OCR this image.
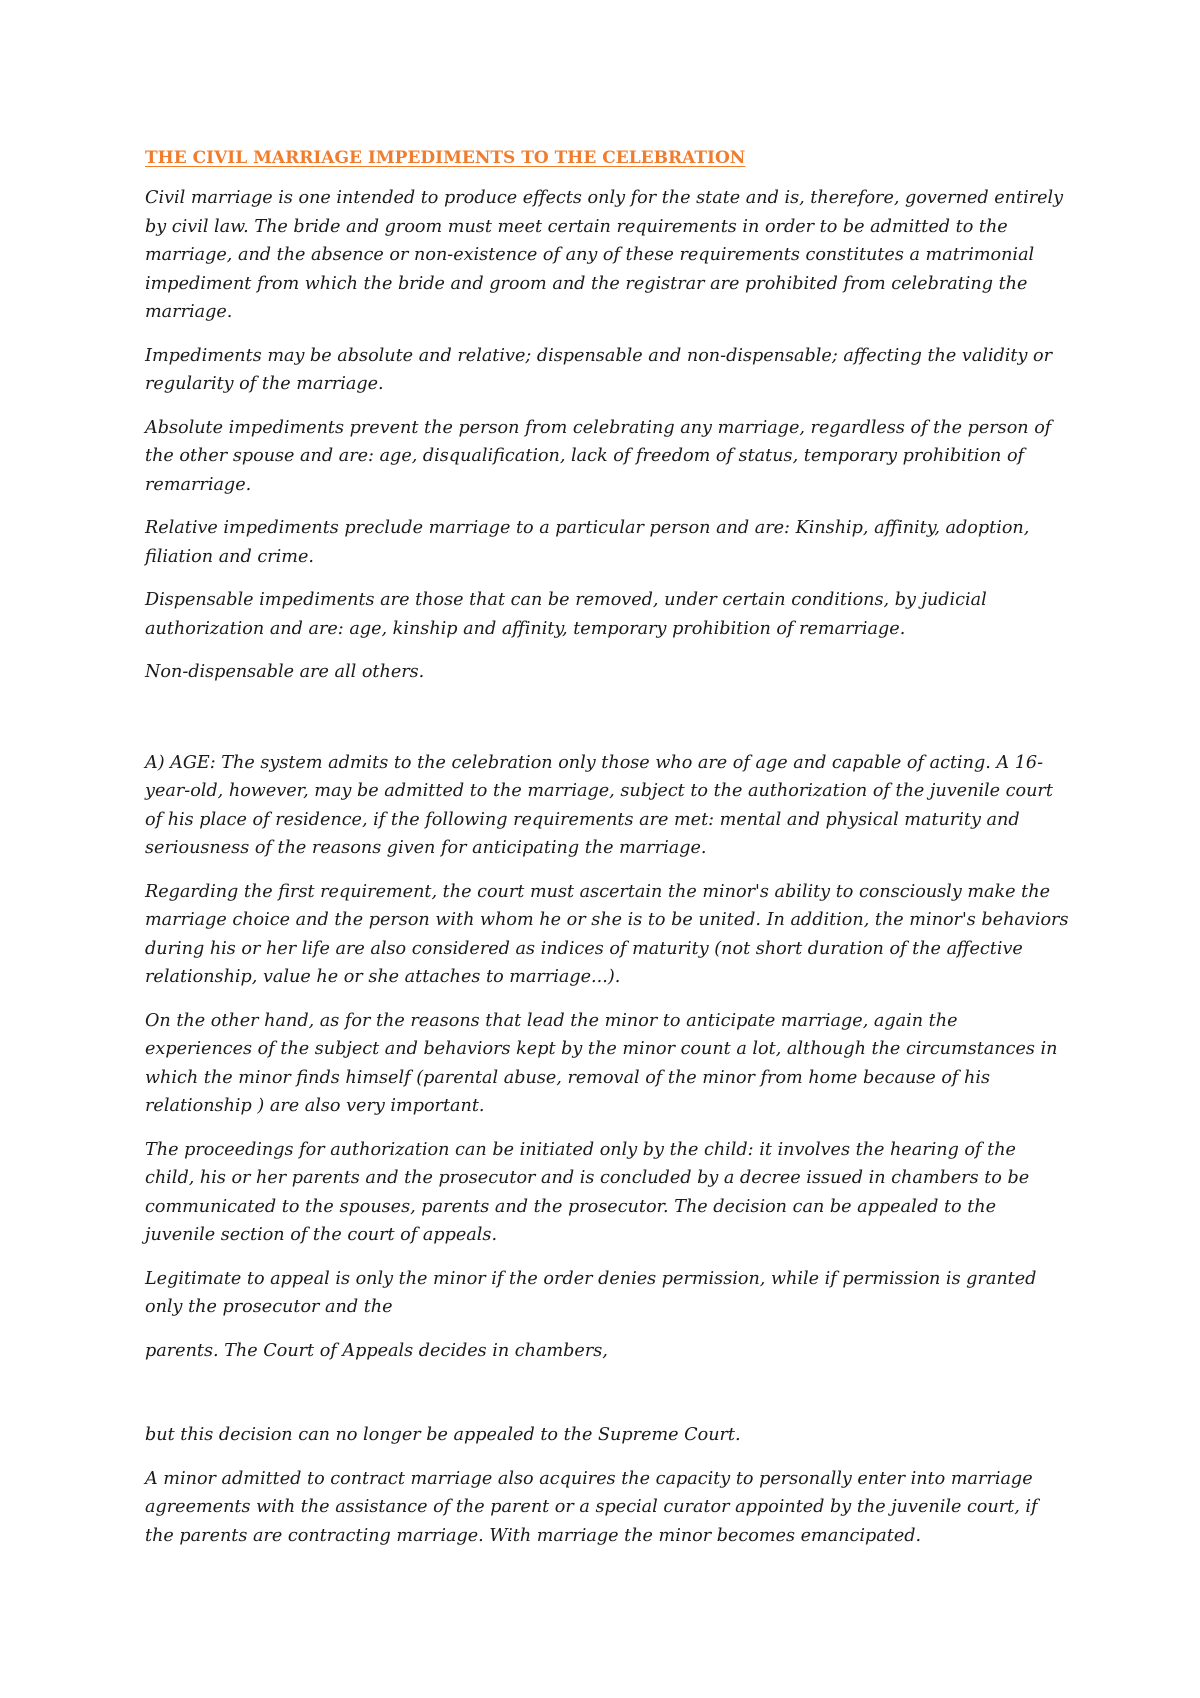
THE CIVIL MARRIAGE IMPEDIMENTS TO THE CELEBRATION

Civil marriage is one intended to produce effects only for the state and is, therefore, governed entirely by civil law. The bride and groom must meet certain requirements in order to be admitted to the marriage, and the absence or non-existence of any of these requirements constitutes a matrimonial impediment from which the bride and groom and the registrar are prohibited from celebrating the marriage.

Impediments may be absolute and relative; dispensable and non-dispensable; affecting the validity or regularity of the marriage.

Absolute impediments prevent the person from celebrating any marriage, regardless of the person of the other spouse and are: age, disqualification, lack of freedom of status, temporary prohibition of remarriage.

Relative impediments preclude marriage to a particular person and are: Kinship, affinity, adoption, filiation and crime.

Dispensable impediments are those that can be removed, under certain conditions, by judicial authorization and are: age, kinship and affinity, temporary prohibition of remarriage.

Non-dispensable are all others.

A) AGE: The system admits to the celebration only those who are of age and capable of acting. A 16-year-old, however, may be admitted to the marriage, subject to the authorization of the juvenile court of his place of residence, if the following requirements are met: mental and physical maturity and seriousness of the reasons given for anticipating the marriage.

Regarding the first requirement, the court must ascertain the minor's ability to consciously make the marriage choice and the person with whom he or she is to be united. In addition, the minor's behaviors during his or her life are also considered as indices of maturity (not short duration of the affective relationship, value he or she attaches to marriage...).

On the other hand, as for the reasons that lead the minor to anticipate marriage, again the experiences of the subject and behaviors kept by the minor count a lot, although the circumstances in which the minor finds himself (parental abuse, removal of the minor from home because of his relationship ) are also very important.

The proceedings for authorization can be initiated only by the child: it involves the hearing of the child, his or her parents and the prosecutor and is concluded by a decree issued in chambers to be communicated to the spouses, parents and the prosecutor. The decision can be appealed to the juvenile section of the court of appeals.

Legitimate to appeal is only the minor if the order denies permission, while if permission is granted only the prosecutor and the

parents. The Court of Appeals decides in chambers,

but this decision can no longer be appealed to the Supreme Court.

A minor admitted to contract marriage also acquires the capacity to personally enter into marriage agreements with the assistance of the parent or a special curator appointed by the juvenile court, if the parents are contracting marriage. With marriage the minor becomes emancipated.
